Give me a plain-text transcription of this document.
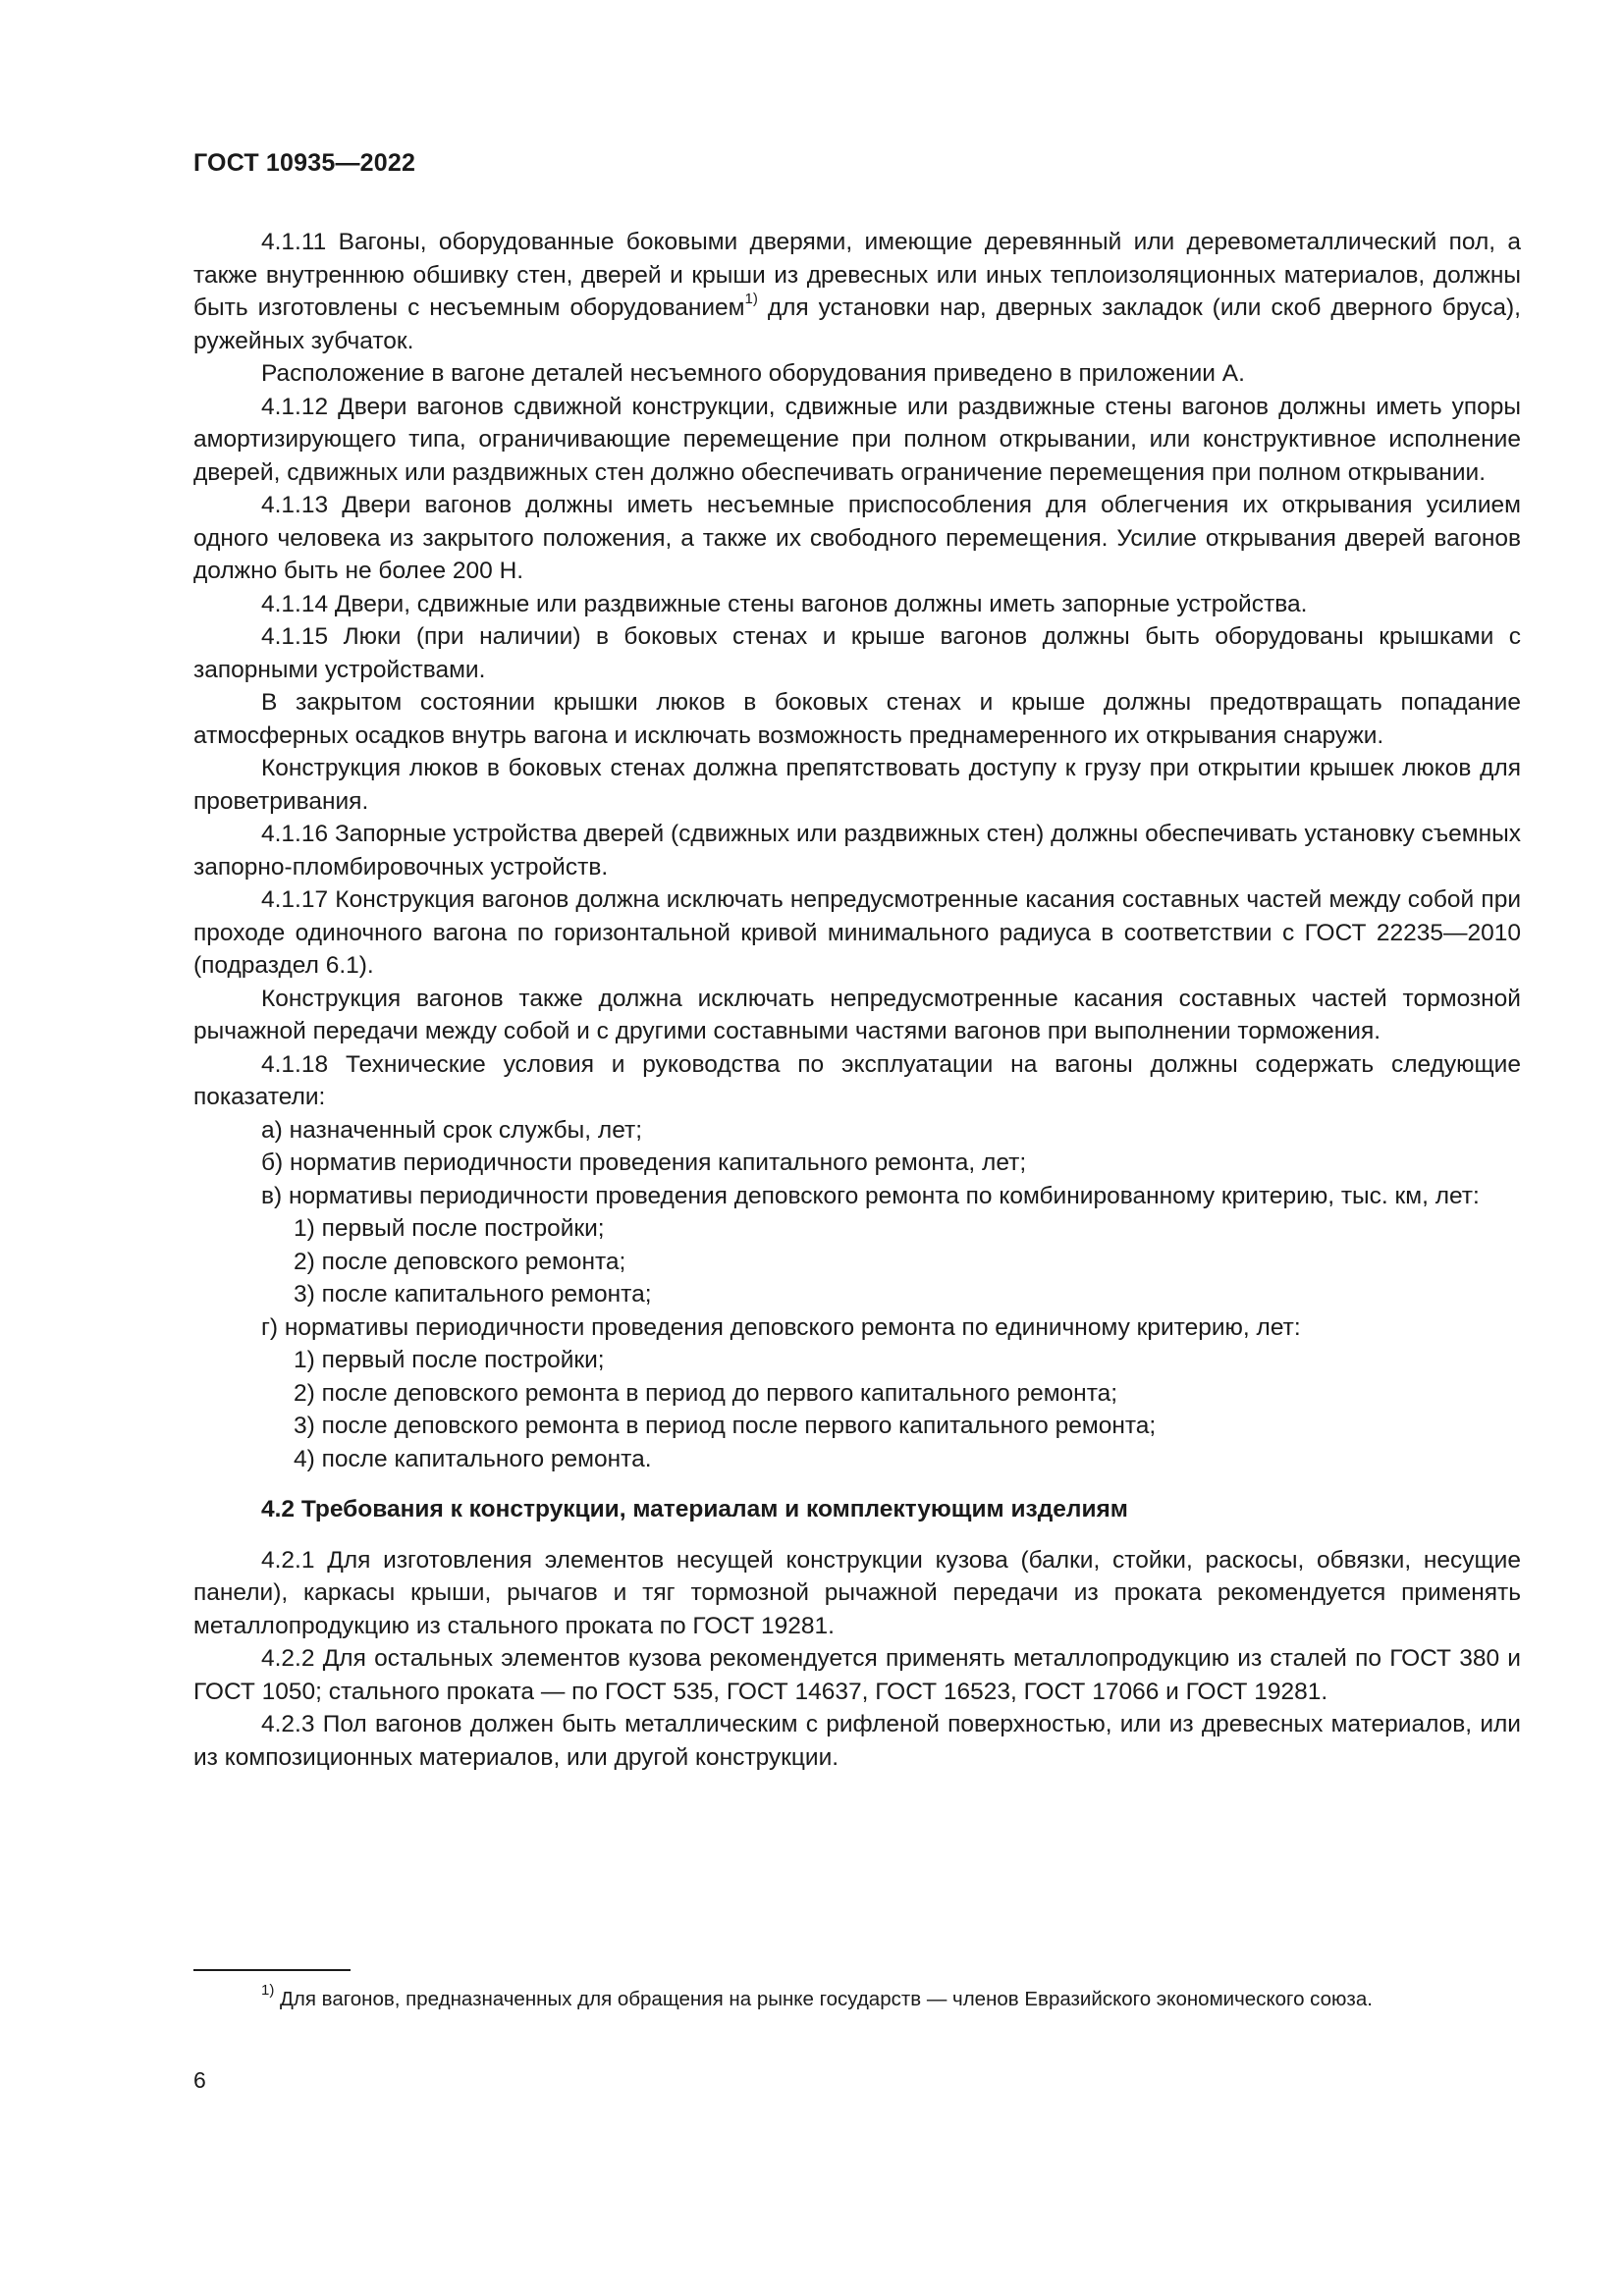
ГОСТ 10935—2022

4.1.11 Вагоны, оборудованные боковыми дверями, имеющие деревянный или деревометаллический пол, а также внутреннюю обшивку стен, дверей и крыши из древесных или иных теплоизоляционных материалов, должны быть изготовлены с несъемным оборудованием$^{1)}$ для установки нар, дверных закладок (или скоб дверного бруса), ружейных зубчаток.

Расположение в вагоне деталей несъемного оборудования приведено в приложении А.

4.1.12 Двери вагонов сдвижной конструкции, сдвижные или раздвижные стены вагонов должны иметь упоры амортизирующего типа, ограничивающие перемещение при полном открывании, или конструктивное исполнение дверей, сдвижных или раздвижных стен должно обеспечивать ограничение перемещения при полном открывании.

4.1.13 Двери вагонов должны иметь несъемные приспособления для облегчения их открывания усилием одного человека из закрытого положения, а также их свободного перемещения. Усилие открывания дверей вагонов должно быть не более 200 Н.

4.1.14 Двери, сдвижные или раздвижные стены вагонов должны иметь запорные устройства.

4.1.15 Люки (при наличии) в боковых стенах и крыше вагонов должны быть оборудованы крышками с запорными устройствами.

В закрытом состоянии крышки люков в боковых стенах и крыше должны предотвращать попадание атмосферных осадков внутрь вагона и исключать возможность преднамеренного их открывания снаружи.

Конструкция люков в боковых стенах должна препятствовать доступу к грузу при открытии крышек люков для проветривания.

4.1.16 Запорные устройства дверей (сдвижных или раздвижных стен) должны обеспечивать установку съемных запорно-пломбировочных устройств.

4.1.17 Конструкция вагонов должна исключать непредусмотренные касания составных частей между собой при проходе одиночного вагона по горизонтальной кривой минимального радиуса в соответствии с ГОСТ 22235—2010 (подраздел 6.1).

Конструкция вагонов также должна исключать непредусмотренные касания составных частей тормозной рычажной передачи между собой и с другими составными частями вагонов при выполнении торможения.

4.1.18 Технические условия и руководства по эксплуатации на вагоны должны содержать следующие показатели:

а) назначенный срок службы, лет;

б) норматив периодичности проведения капитального ремонта, лет;

в) нормативы периодичности проведения деповского ремонта по комбинированному критерию, тыс. км, лет:

1) первый после постройки;

2) после деповского ремонта;

3) после капитального ремонта;

г) нормативы периодичности проведения деповского ремонта по единичному критерию, лет:

1) первый после постройки;

2) после деповского ремонта в период до первого капитального ремонта;

3) после деповского ремонта в период после первого капитального ремонта;

4) после капитального ремонта.

4.2 Требования к конструкции, материалам и комплектующим изделиям

4.2.1 Для изготовления элементов несущей конструкции кузова (балки, стойки, раскосы, обвязки, несущие панели), каркасы крыши, рычагов и тяг тормозной рычажной передачи из проката рекомендуется применять металлопродукцию из стального проката по ГОСТ 19281.

4.2.2 Для остальных элементов кузова рекомендуется применять металлопродукцию из сталей по ГОСТ 380 и ГОСТ 1050; стального проката — по ГОСТ 535, ГОСТ 14637, ГОСТ 16523, ГОСТ 17066 и ГОСТ 19281.

4.2.3 Пол вагонов должен быть металлическим с рифленой поверхностью, или из древесных материалов, или из композиционных материалов, или другой конструкции.

$^{1)}$ Для вагонов, предназначенных для обращения на рынке государств — членов Евразийского экономического союза.

6
